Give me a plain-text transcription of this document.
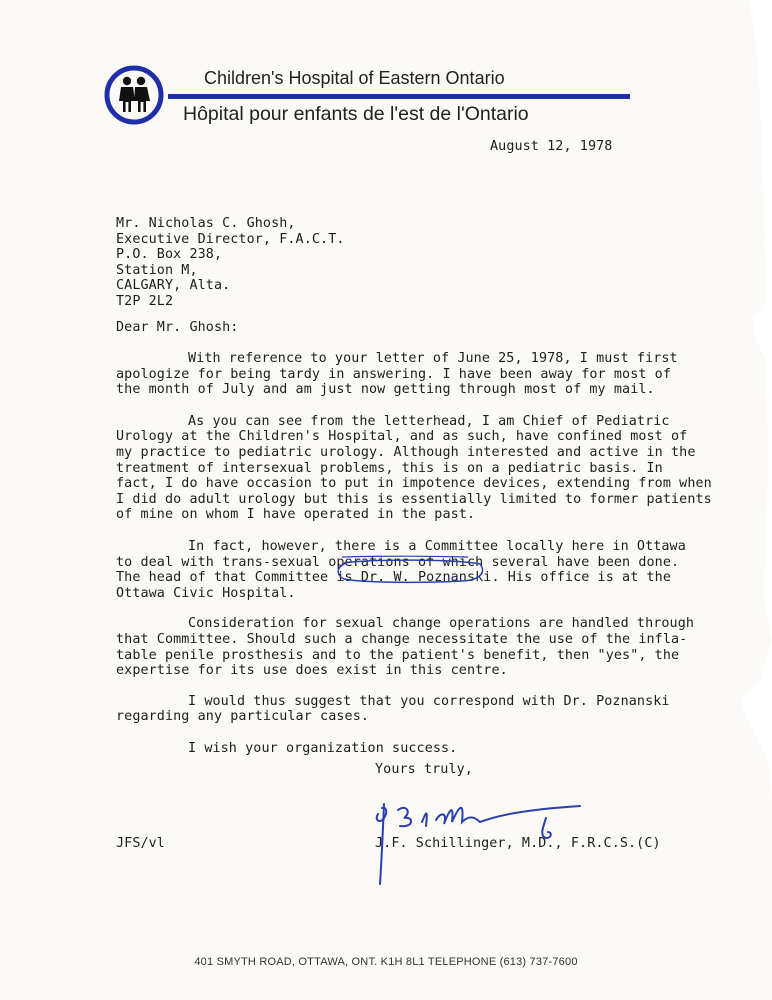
Children's Hospital of Eastern Ontario
Hôpital pour enfants de l'est de l'Ontario
August 12, 1978
Mr. Nicholas C. Ghosh,
Executive Director, F.A.C.T.
P.O. Box 238,
Station M,
CALGARY, Alta.
T2P 2L2
Dear Mr. Ghosh:
With reference to your letter of June 25, 1978, I must first
apologize for being tardy in answering. I have been away for most of
the month of July and am just now getting through most of my mail.
As you can see from the letterhead, I am Chief of Pediatric
Urology at the Children's Hospital, and as such, have confined most of
my practice to pediatric urology. Although interested and active in the
treatment of intersexual problems, this is on a pediatric basis. In
fact, I do have occasion to put in impotence devices, extending from when
I did do adult urology but this is essentially limited to former patients
of mine on whom I have operated in the past.
In fact, however, there is a Committee locally here in Ottawa
to deal with trans-sexual operations of which several have been done.
The head of that Committee is Dr. W. Poznanski. His office is at the
Ottawa Civic Hospital.
Consideration for sexual change operations are handled through
that Committee. Should such a change necessitate the use of the infla-
table penile prosthesis and to the patient's benefit, then "yes", the
expertise for its use does exist in this centre.
I would thus suggest that you correspond with Dr. Poznanski
regarding any particular cases.
I wish your organization success.
Yours truly,
JFS/vl	J.F. Schillinger, M.D., F.R.C.S.(C)
401 SMYTH ROAD, OTTAWA, ONT. K1H 8L1 TELEPHONE (613) 737-7600
